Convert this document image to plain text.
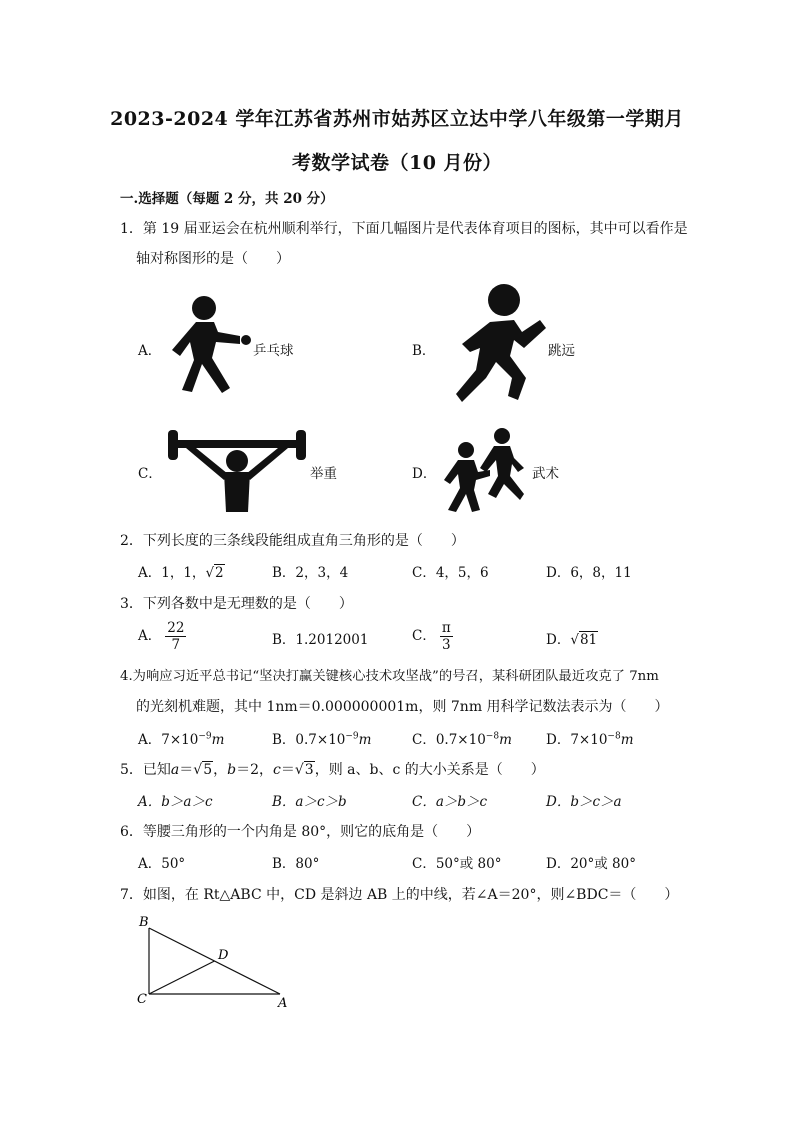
2023-2024 学年江苏省苏州市姑苏区立达中学八年级第一学期月
考数学试卷（10 月份）
一.选择题（每题 2 分，共 20 分）
1．第 19 届亚运会在杭州顺利举行，下面几幅图片是代表体育项目的图标，其中可以看作是
轴对称图形的是（　　）
A．	乒乓球	B．	跳远
C．	举重	D．	武术
2．下列长度的三条线段能组成直角三角形的是（　　）
A．1，1，√2	B．2，3，4	C．4，5，6	D．6，8，11
3．下列各数中是无理数的是（　　）
A． $\frac{22}{7}$	B．1.2012001	C． $\frac{\pi}{3}$	D．√81
4.为响应习近平总书记“坚决打赢关键核心技术攻坚战”的号召，某科研团队最近攻克了 7nm
的光刻机难题，其中 1nm＝0.000000001m，则 7nm 用科学记数法表示为（　　）
A．$7\times 10^{-9}m$	B．$0.7\times 10^{-9}m$	C．$0.7\times 10^{-8}m$	D．$7\times 10^{-8}m$
5．已知a＝√5，b＝2，c＝√3，则 a、b、c 的大小关系是（　　）
A．b＞a＞c	B．a＞c＞b	C．a＞b＞c	D．b＞c＞a
6．等腰三角形的一个内角是 80°，则它的底角是（　　）
A．50°	B．80°	C．50°或 80°	D．20°或 80°
7．如图，在 Rt△ABC 中，CD 是斜边 AB 上的中线，若∠A＝20°，则∠BDC＝（　　）
B
D
C	A
